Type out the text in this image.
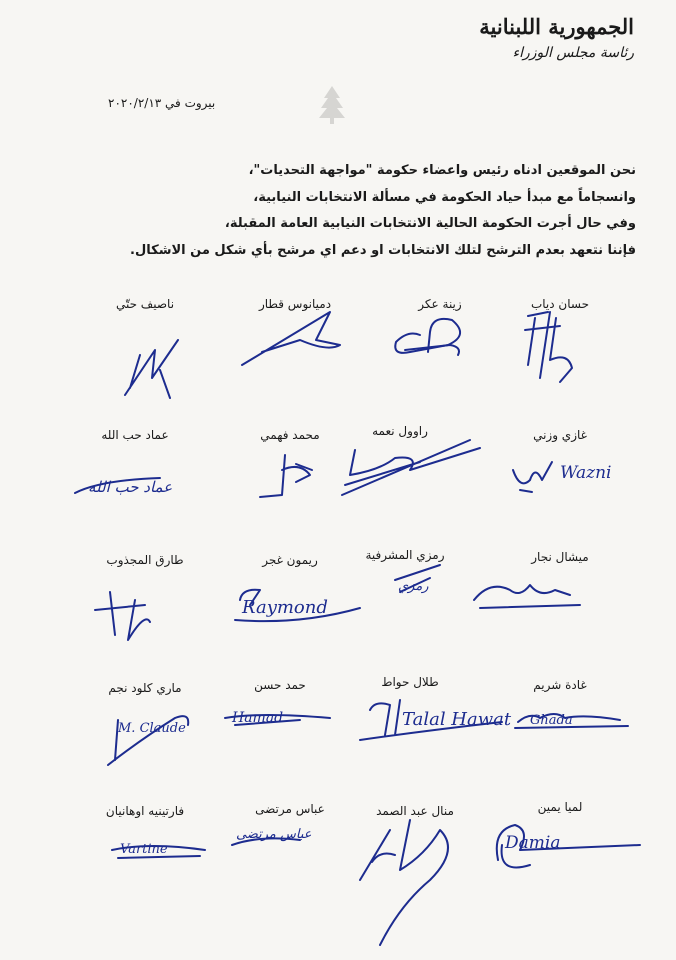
الجمهورية اللبنانية
رئاسة مجلس الوزراء
بيروت في ٢٠٢٠/٢/١٣

نحن الموقعين ادناه رئيس واعضاء حكومة "مواجهة التحديات"،

وانسجاماً مع مبدأ حياد الحكومة في مسألة الانتخابات النيابية،

وفي حال أجرت الحكومة الحالية الانتخابات النيابية العامة المقبلة،

فإننا نتعهد بعدم الترشح لتلك الانتخابات او دعم اي مرشح بأي شكل من الاشكال.

حسان دياب
زينة عكر
دميانوس قطار
ناصيف حتّي
غازي وزني
راوول نعمه
محمد فهمي
عماد حب الله
ميشال نجار
رمزي المشرفية
ريمون غجر
طارق المجذوب
غادة شريم
طلال حواط
حمد حسن
ماري كلود نجم
لميا يمين
منال عبد الصمد
عباس مرتضى
فارتينيه اوهانيان
Wazni
عماد حب الله
رمزي
Raymond
Ghada
Talal Hawat
Hamad
M. Claude
Damia
عباس مرتضى
Vartine
